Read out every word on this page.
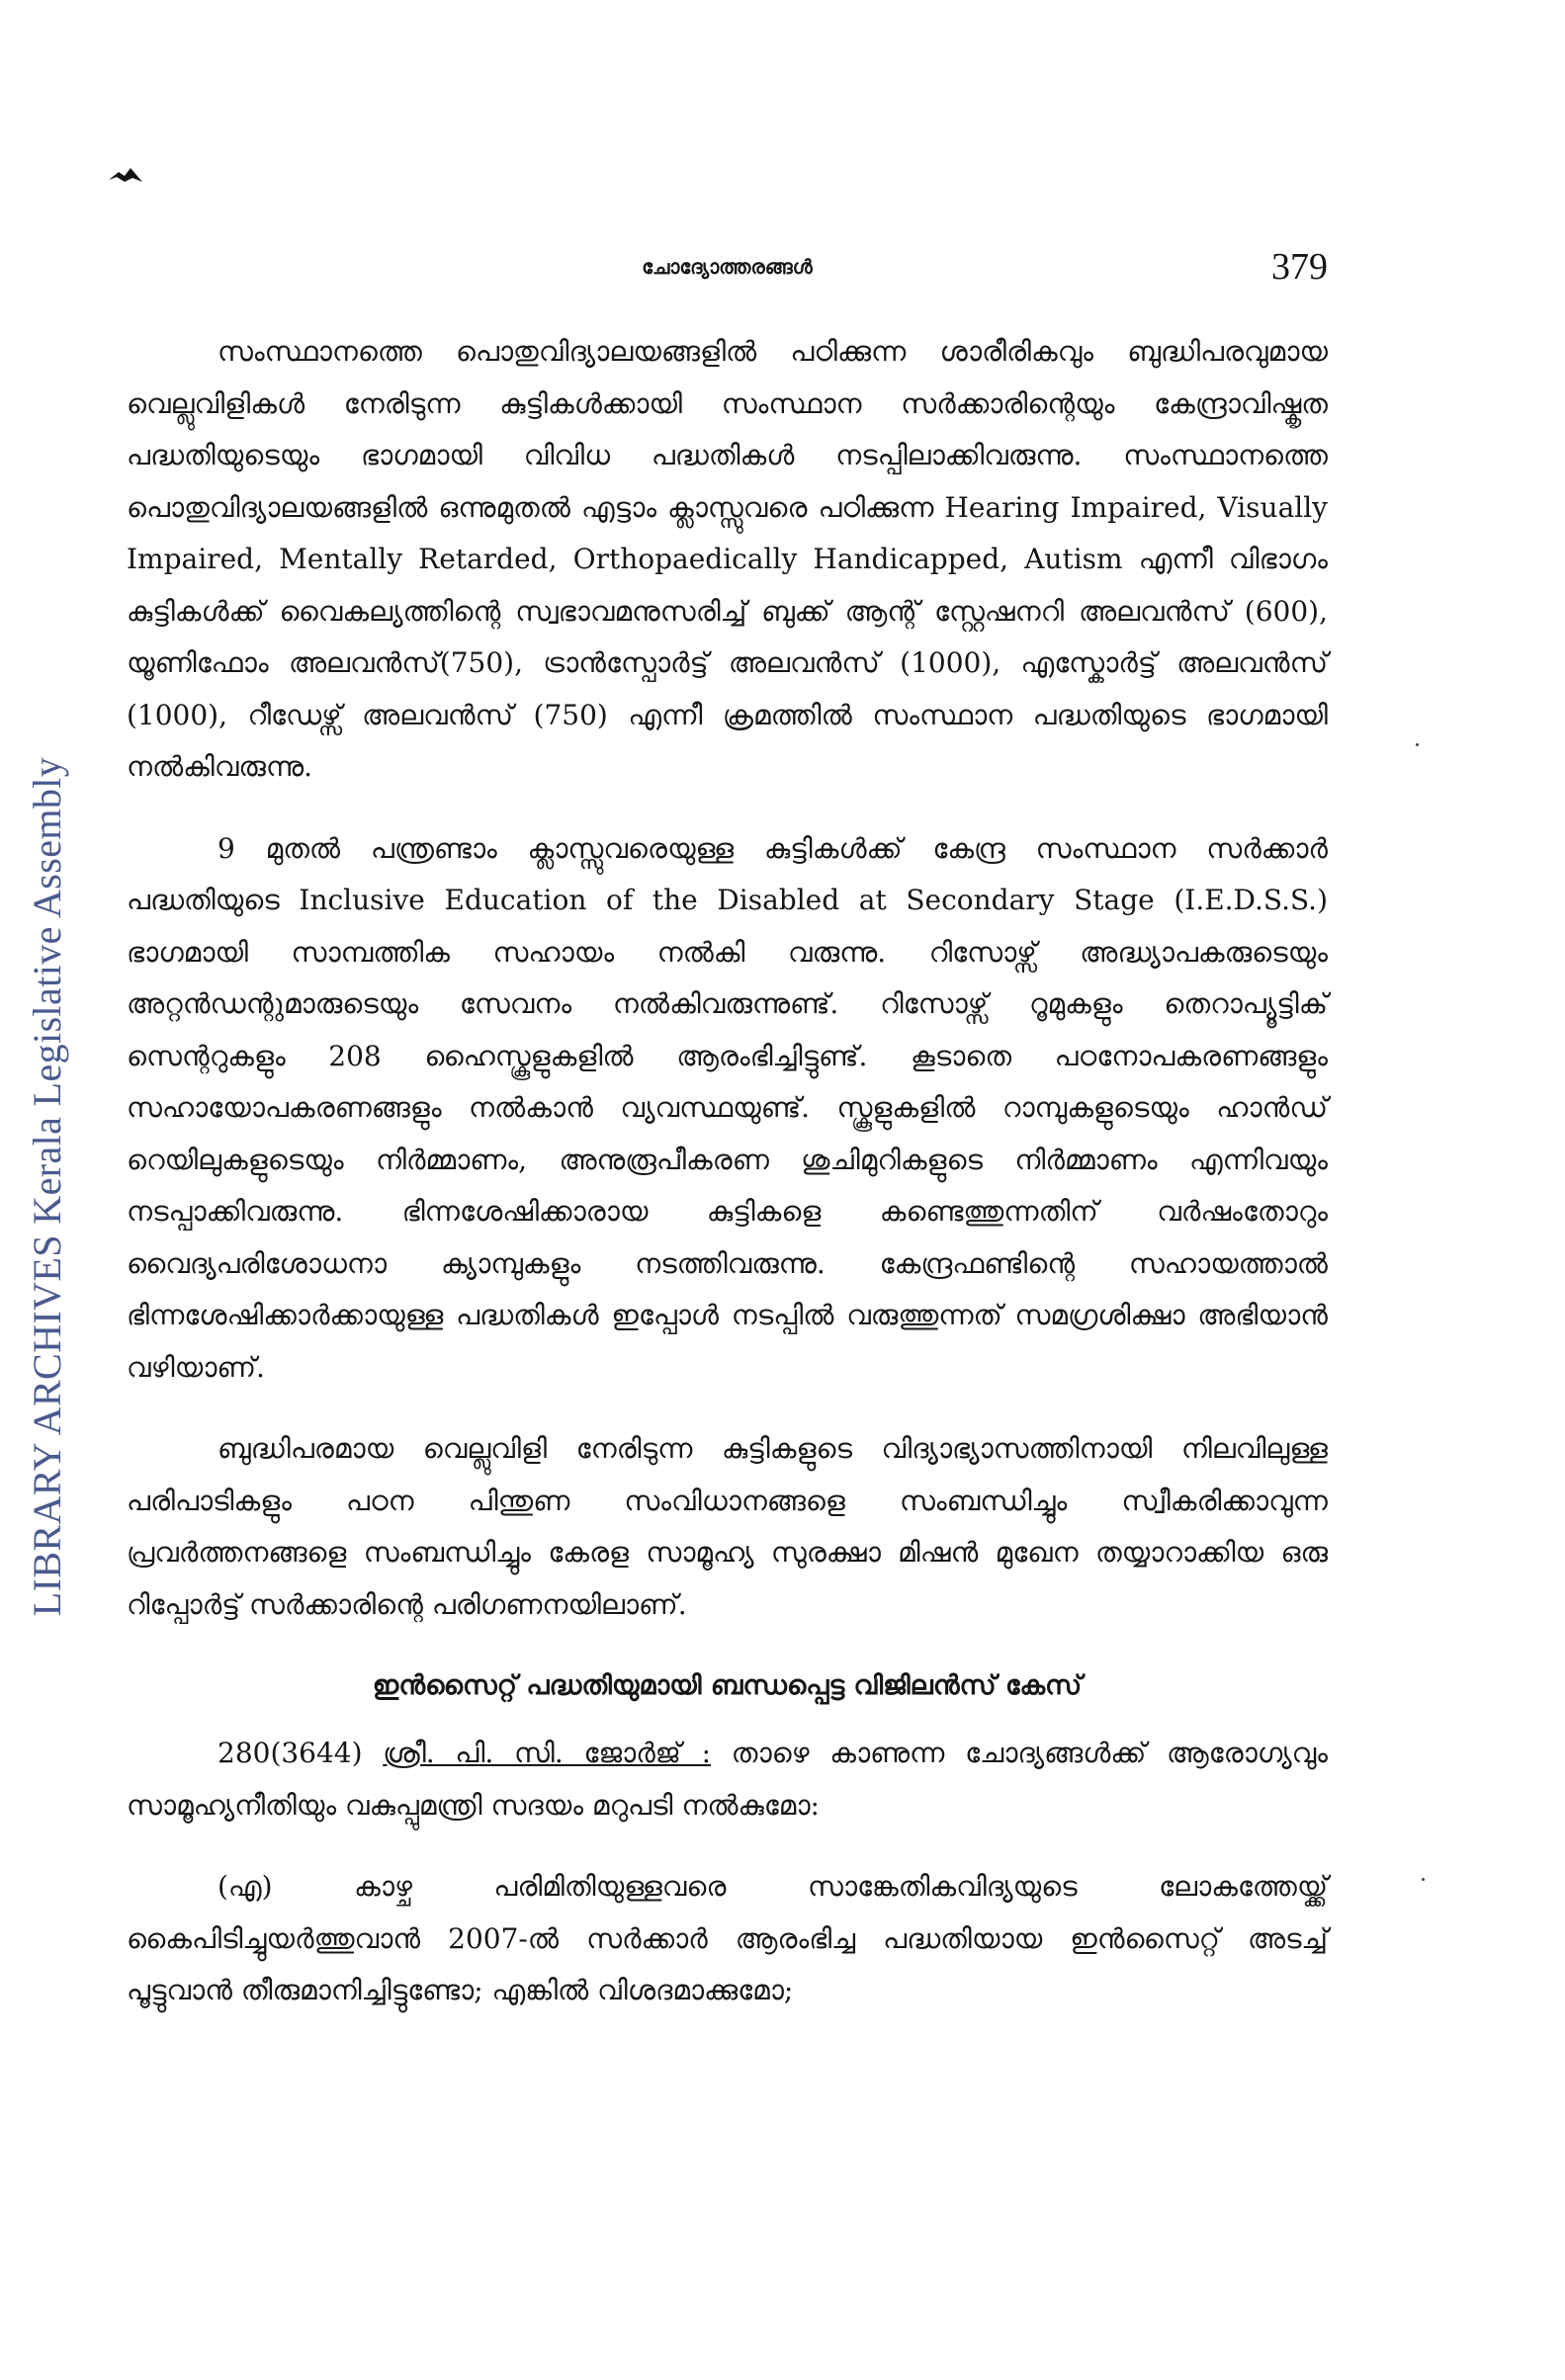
LIBRARY ARCHIVES Kerala Legislative Assembly
ചോദ്യോത്തരങ്ങൾ	379

സംസ്ഥാനത്തെ പൊതുവിദ്യാലയങ്ങളിൽ പഠിക്കുന്ന ശാരീരികവും ബുദ്ധിപരവുമായ വെല്ലുവിളികൾ നേരിടുന്ന കുട്ടികൾക്കായി സംസ്ഥാന സർക്കാരിന്റെയും കേന്ദ്രാവിഷ്കൃത പദ്ധതിയുടെയും ഭാഗമായി വിവിധ പദ്ധതികൾ നടപ്പിലാക്കിവരുന്നു. സംസ്ഥാനത്തെ പൊതുവിദ്യാലയങ്ങളിൽ ഒന്നുമുതൽ എട്ടാം ക്ലാസ്സുവരെ പഠിക്കുന്ന Hearing Impaired, Visually Impaired, Mentally Retarded, Orthopaedically Handicapped, Autism എന്നീ വിഭാഗം കുട്ടികൾക്ക് വൈകല്യത്തിന്റെ സ്വഭാവമനുസരിച്ച് ബുക്ക് ആന്റ് സ്റ്റേഷനറി അലവൻസ് (600), യൂണിഫോം അലവൻസ്(750), ട്രാൻസ്പോർട്ട് അലവൻസ് (1000), എസ്കോർട്ട് അലവൻസ് (1000), റീഡേഴ്സ് അലവൻസ് (750) എന്നീ ക്രമത്തിൽ സംസ്ഥാന പദ്ധതിയുടെ ഭാഗമായി നൽകിവരുന്നു.

9 മുതൽ പന്ത്രണ്ടാം ക്ലാസ്സുവരെയുള്ള കുട്ടികൾക്ക് കേന്ദ്ര സംസ്ഥാന സർക്കാർ പദ്ധതിയുടെ Inclusive Education of the Disabled at Secondary Stage (I.E.D.S.S.) ഭാഗമായി സാമ്പത്തിക സഹായം നൽകി വരുന്നു. റിസോഴ്സ് അദ്ധ്യാപകരുടെയും അറ്റൻഡന്റുമാരുടെയും സേവനം നൽകിവരുന്നുണ്ട്. റിസോഴ്സ് റൂമുകളും തെറാപ്യൂട്ടിക് സെന്ററുകളും 208 ഹൈസ്കൂളുകളിൽ ആരംഭിച്ചിട്ടുണ്ട്. കൂടാതെ പഠനോപകരണങ്ങളും സഹായോപകരണങ്ങളും നൽകാൻ വ്യവസ്ഥയുണ്ട്. സ്കൂളുകളിൽ റാമ്പുകളുടെയും ഹാൻഡ് റെയിലുകളുടെയും നിർമ്മാണം, അനുരൂപീകരണ ശുചിമുറികളുടെ നിർമ്മാണം എന്നിവയും നടപ്പാക്കിവരുന്നു. ഭിന്നശേഷിക്കാരായ കുട്ടികളെ കണ്ടെത്തുന്നതിന് വർഷംതോറും വൈദ്യപരിശോധനാ ക്യാമ്പുകളും നടത്തിവരുന്നു. കേന്ദ്രഫണ്ടിന്റെ സഹായത്താൽ ഭിന്നശേഷിക്കാർക്കായുള്ള പദ്ധതികൾ ഇപ്പോൾ നടപ്പിൽ വരുത്തുന്നത് സമഗ്രശിക്ഷാ അഭിയാൻ വഴിയാണ്.

ബുദ്ധിപരമായ വെല്ലുവിളി നേരിടുന്ന കുട്ടികളുടെ വിദ്യാഭ്യാസത്തിനായി നിലവിലുള്ള പരിപാടികളും പഠന പിന്തുണ സംവിധാനങ്ങളെ സംബന്ധിച്ചും സ്വീകരിക്കാവുന്ന പ്രവർത്തനങ്ങളെ സംബന്ധിച്ചും കേരള സാമൂഹ്യ സുരക്ഷാ മിഷൻ മുഖേന തയ്യാറാക്കിയ ഒരു റിപ്പോർട്ട് സർക്കാരിന്റെ പരിഗണനയിലാണ്.

ഇൻസൈറ്റ് പദ്ധതിയുമായി ബന്ധപ്പെട്ട വിജിലൻസ് കേസ്

280(3644) ശ്രീ. പി. സി. ജോർജ് : താഴെ കാണുന്ന ചോദ്യങ്ങൾക്ക് ആരോഗ്യവും സാമൂഹ്യനീതിയും വകുപ്പുമന്ത്രി സദയം മറുപടി നൽകുമോ:

(എ) കാഴ്ച പരിമിതിയുള്ളവരെ സാങ്കേതികവിദ്യയുടെ ലോകത്തേയ്ക്ക് കൈപിടിച്ചുയർത്തുവാൻ 2007-ൽ സർക്കാർ ആരംഭിച്ച പദ്ധതിയായ ഇൻസൈറ്റ് അടച്ച് പൂട്ടുവാൻ തീരുമാനിച്ചിട്ടുണ്ടോ; എങ്കിൽ വിശദമാക്കുമോ;
